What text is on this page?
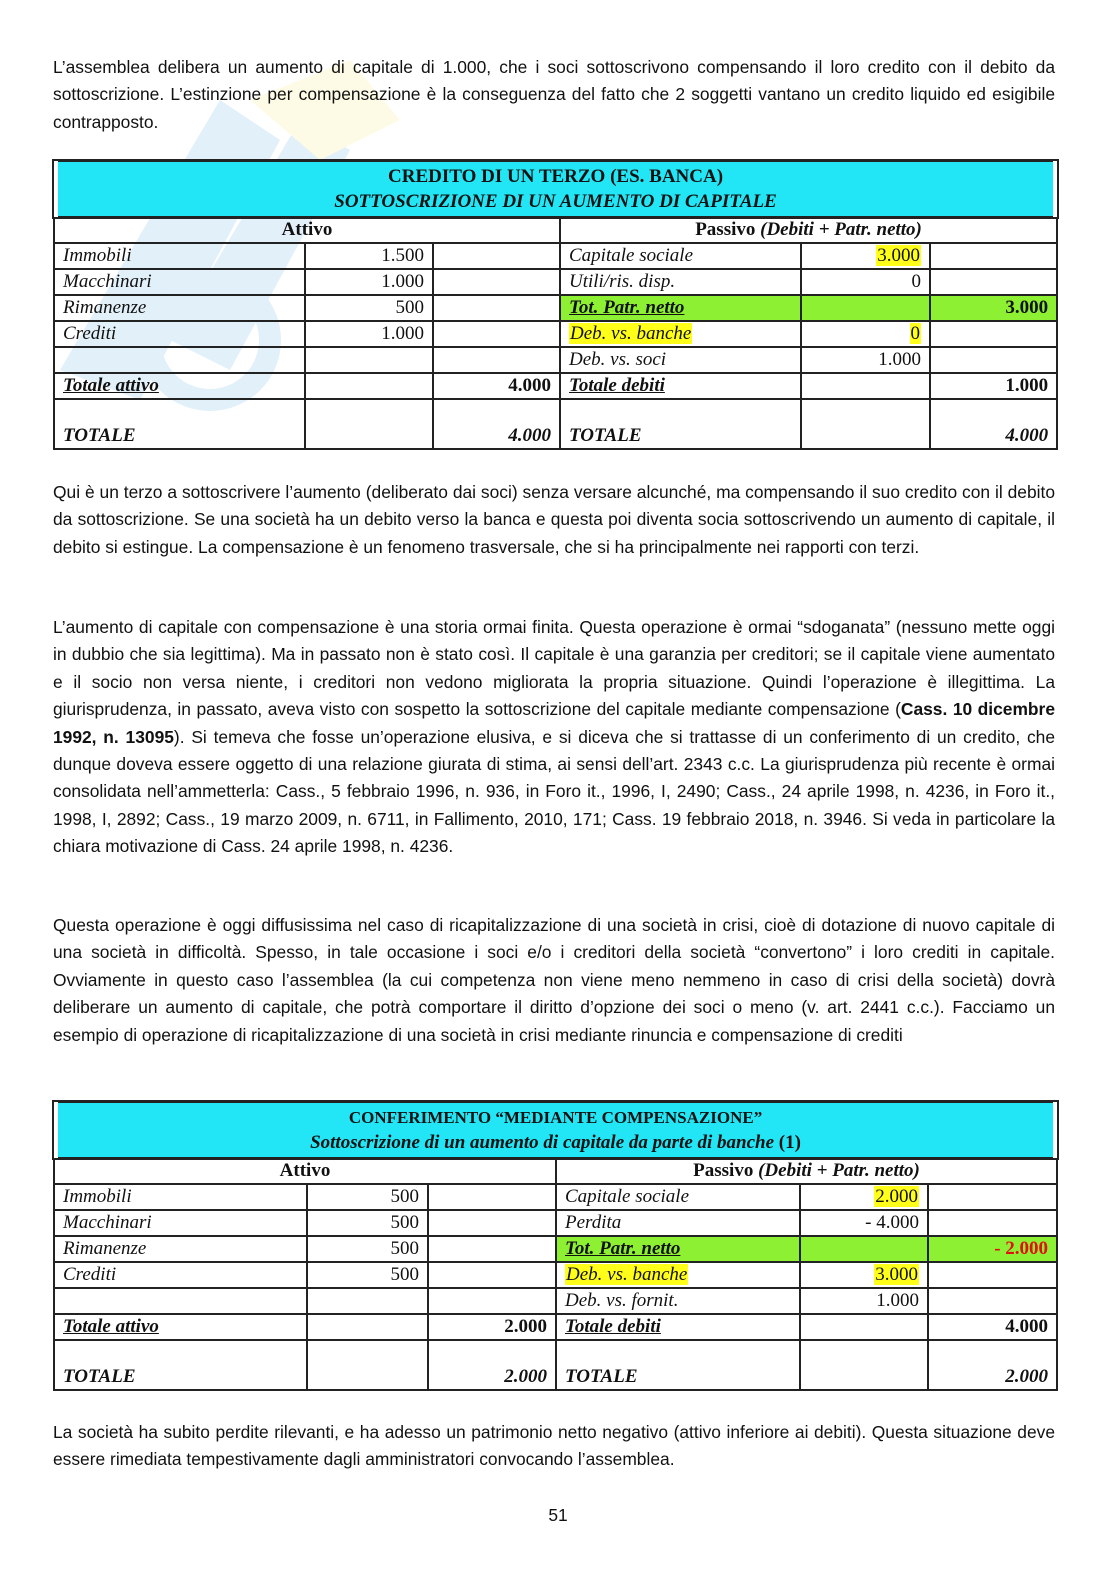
L’assemblea delibera un aumento di capitale di 1.000, che i soci sottoscrivono compensando il loro credito con il debito da sottoscrizione. L’estinzione per compensazione è la conseguenza del fatto che 2 soggetti vantano un credito liquido ed esigibile contrapposto.

CREDITO DI UN TERZO (ES. BANCA)
SOTTOSCRIZIONE DI UN AUMENTO DI CAPITALE					

Attivo			Passivo (Debiti + Patr. netto)		
Immobili	1.500		Capitale sociale	3.000	
Macchinari	1.000		Utili/ris. disp.	0	
Rimanenze	500		Tot. Patr. netto		3.000
Crediti	1.000		Deb. vs. banche	0	
			Deb. vs. soci	1.000	
Totale attivo		4.000	Totale debiti		1.000
TOTALE		4.000	TOTALE		4.000

Qui è un terzo a sottoscrivere l’aumento (deliberato dai soci) senza versare alcunché, ma compensando il suo credito con il debito da sottoscrizione. Se una società ha un debito verso la banca e questa poi diventa socia sottoscrivendo un aumento di capitale, il debito si estingue. La compensazione è un fenomeno trasversale, che si ha principalmente nei rapporti con terzi.

L’aumento di capitale con compensazione è una storia ormai finita. Questa operazione è ormai “sdoganata” (nessuno mette oggi in dubbio che sia legittima). Ma in passato non è stato così. Il capitale è una garanzia per creditori; se il capitale viene aumentato e il socio non versa niente, i creditori non vedono migliorata la propria situazione. Quindi l’operazione è illegittima. La giurisprudenza, in passato, aveva visto con sospetto la sottoscrizione del capitale mediante compensazione (Cass. 10 dicembre 1992, n. 13095). Si temeva che fosse un’operazione elusiva, e si diceva che si trattasse di un conferimento di un credito, che dunque doveva essere oggetto di una relazione giurata di stima, ai sensi dell’art. 2343 c.c. La giurisprudenza più recente è ormai consolidata nell’ammetterla: Cass., 5 febbraio 1996, n. 936, in Foro it., 1996, I, 2490; Cass., 24 aprile 1998, n. 4236, in Foro it., 1998, I, 2892; Cass., 19 marzo 2009, n. 6711, in Fallimento, 2010, 171; Cass. 19 febbraio 2018, n. 3946. Si veda in particolare la chiara motivazione di Cass. 24 aprile 1998, n. 4236.

Questa operazione è oggi diffusissima nel caso di ricapitalizzazione di una società in crisi, cioè di dotazione di nuovo capitale di una società in difficoltà. Spesso, in tale occasione i soci e/o i creditori della società “convertono” i loro crediti in capitale. Ovviamente in questo caso l’assemblea (la cui competenza non viene meno nemmeno in caso di crisi della società) dovrà deliberare un aumento di capitale, che potrà comportare il diritto d’opzione dei soci o meno (v. art. 2441 c.c.). Facciamo un esempio di operazione di ricapitalizzazione di una società in crisi mediante rinuncia e compensazione di crediti

CONFERIMENTO “MEDIANTE COMPENSAZIONE”
Sottoscrizione di un aumento di capitale da parte di banche (1)					

Attivo			Passivo (Debiti + Patr. netto)		
Immobili	500		Capitale sociale	2.000	
Macchinari	500		Perdita	- 4.000	
Rimanenze	500		Tot. Patr. netto		- 2.000
Crediti	500		Deb. vs. banche	3.000	
			Deb. vs. fornit.	1.000	
Totale attivo		2.000	Totale debiti		4.000
TOTALE		2.000	TOTALE		2.000

La società ha subito perdite rilevanti, e ha adesso un patrimonio netto negativo (attivo inferiore ai debiti). Questa situazione deve essere rimediata tempestivamente dagli amministratori convocando l’assemblea.

51
